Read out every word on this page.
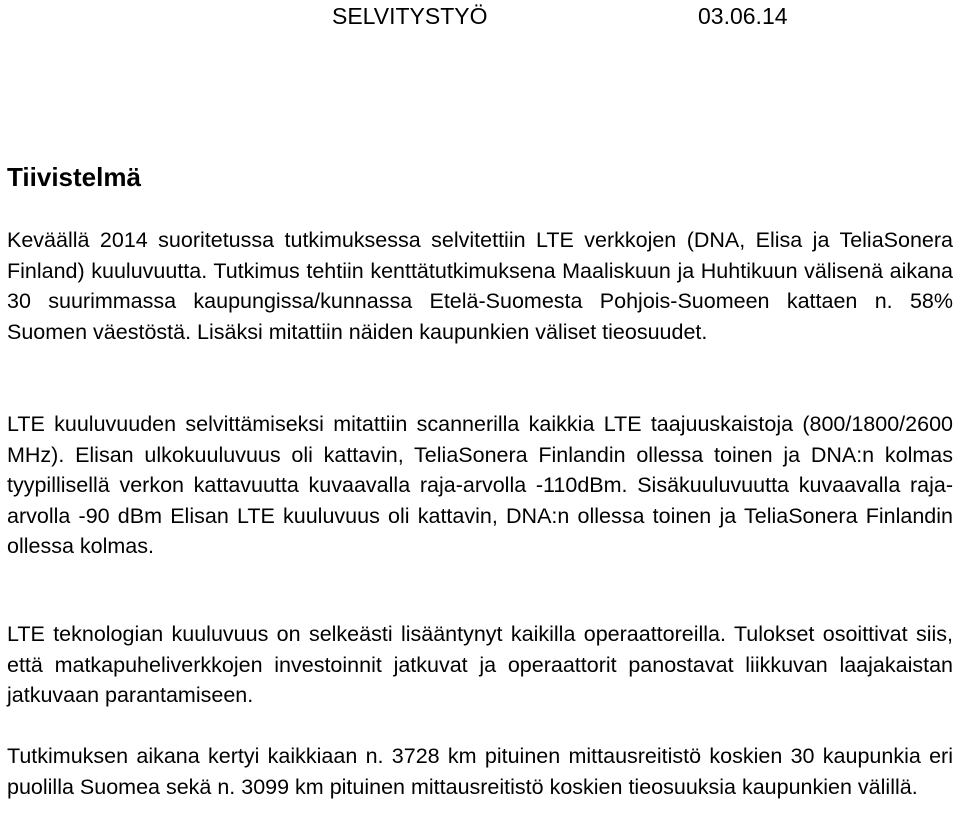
SELVITYSTYÖ	03.06.14
Tiivistelmä

Keväällä 2014 suoritetussa tutkimuksessa selvitettiin LTE verkkojen (DNA, Elisa ja TeliaSonera Finland) kuuluvuutta. Tutkimus tehtiin kenttätutkimuksena Maaliskuun ja Huhtikuun välisenä aikana 30 suurimmassa kaupungissa/kunnassa Etelä-Suomesta Pohjois-Suomeen kattaen n. 58% Suomen väestöstä. Lisäksi mitattiin näiden kaupunkien väliset tieosuudet.

LTE kuuluvuuden selvittämiseksi mitattiin scannerilla kaikkia LTE taajuuskaistoja (800/1800/2600 MHz). Elisan ulkokuuluvuus oli kattavin, TeliaSonera Finlandin ollessa toinen ja DNA:n kolmas tyypillisellä verkon kattavuutta kuvaavalla raja-arvolla -110dBm. Sisäkuuluvuutta kuvaavalla raja-arvolla -90 dBm Elisan LTE kuuluvuus oli kattavin, DNA:n ollessa toinen ja TeliaSonera Finlandin ollessa kolmas.

LTE teknologian kuuluvuus on selkeästi lisääntynyt kaikilla operaattoreilla. Tulokset osoittivat siis, että matkapuheliverkkojen investoinnit jatkuvat ja operaattorit panostavat liikkuvan laajakaistan jatkuvaan parantamiseen.

Tutkimuksen aikana kertyi kaikkiaan n. 3728 km pituinen mittausreitistö koskien 30 kaupunkia eri puolilla Suomea sekä n. 3099 km pituinen mittausreitistö koskien tieosuuksia kaupunkien välillä.
